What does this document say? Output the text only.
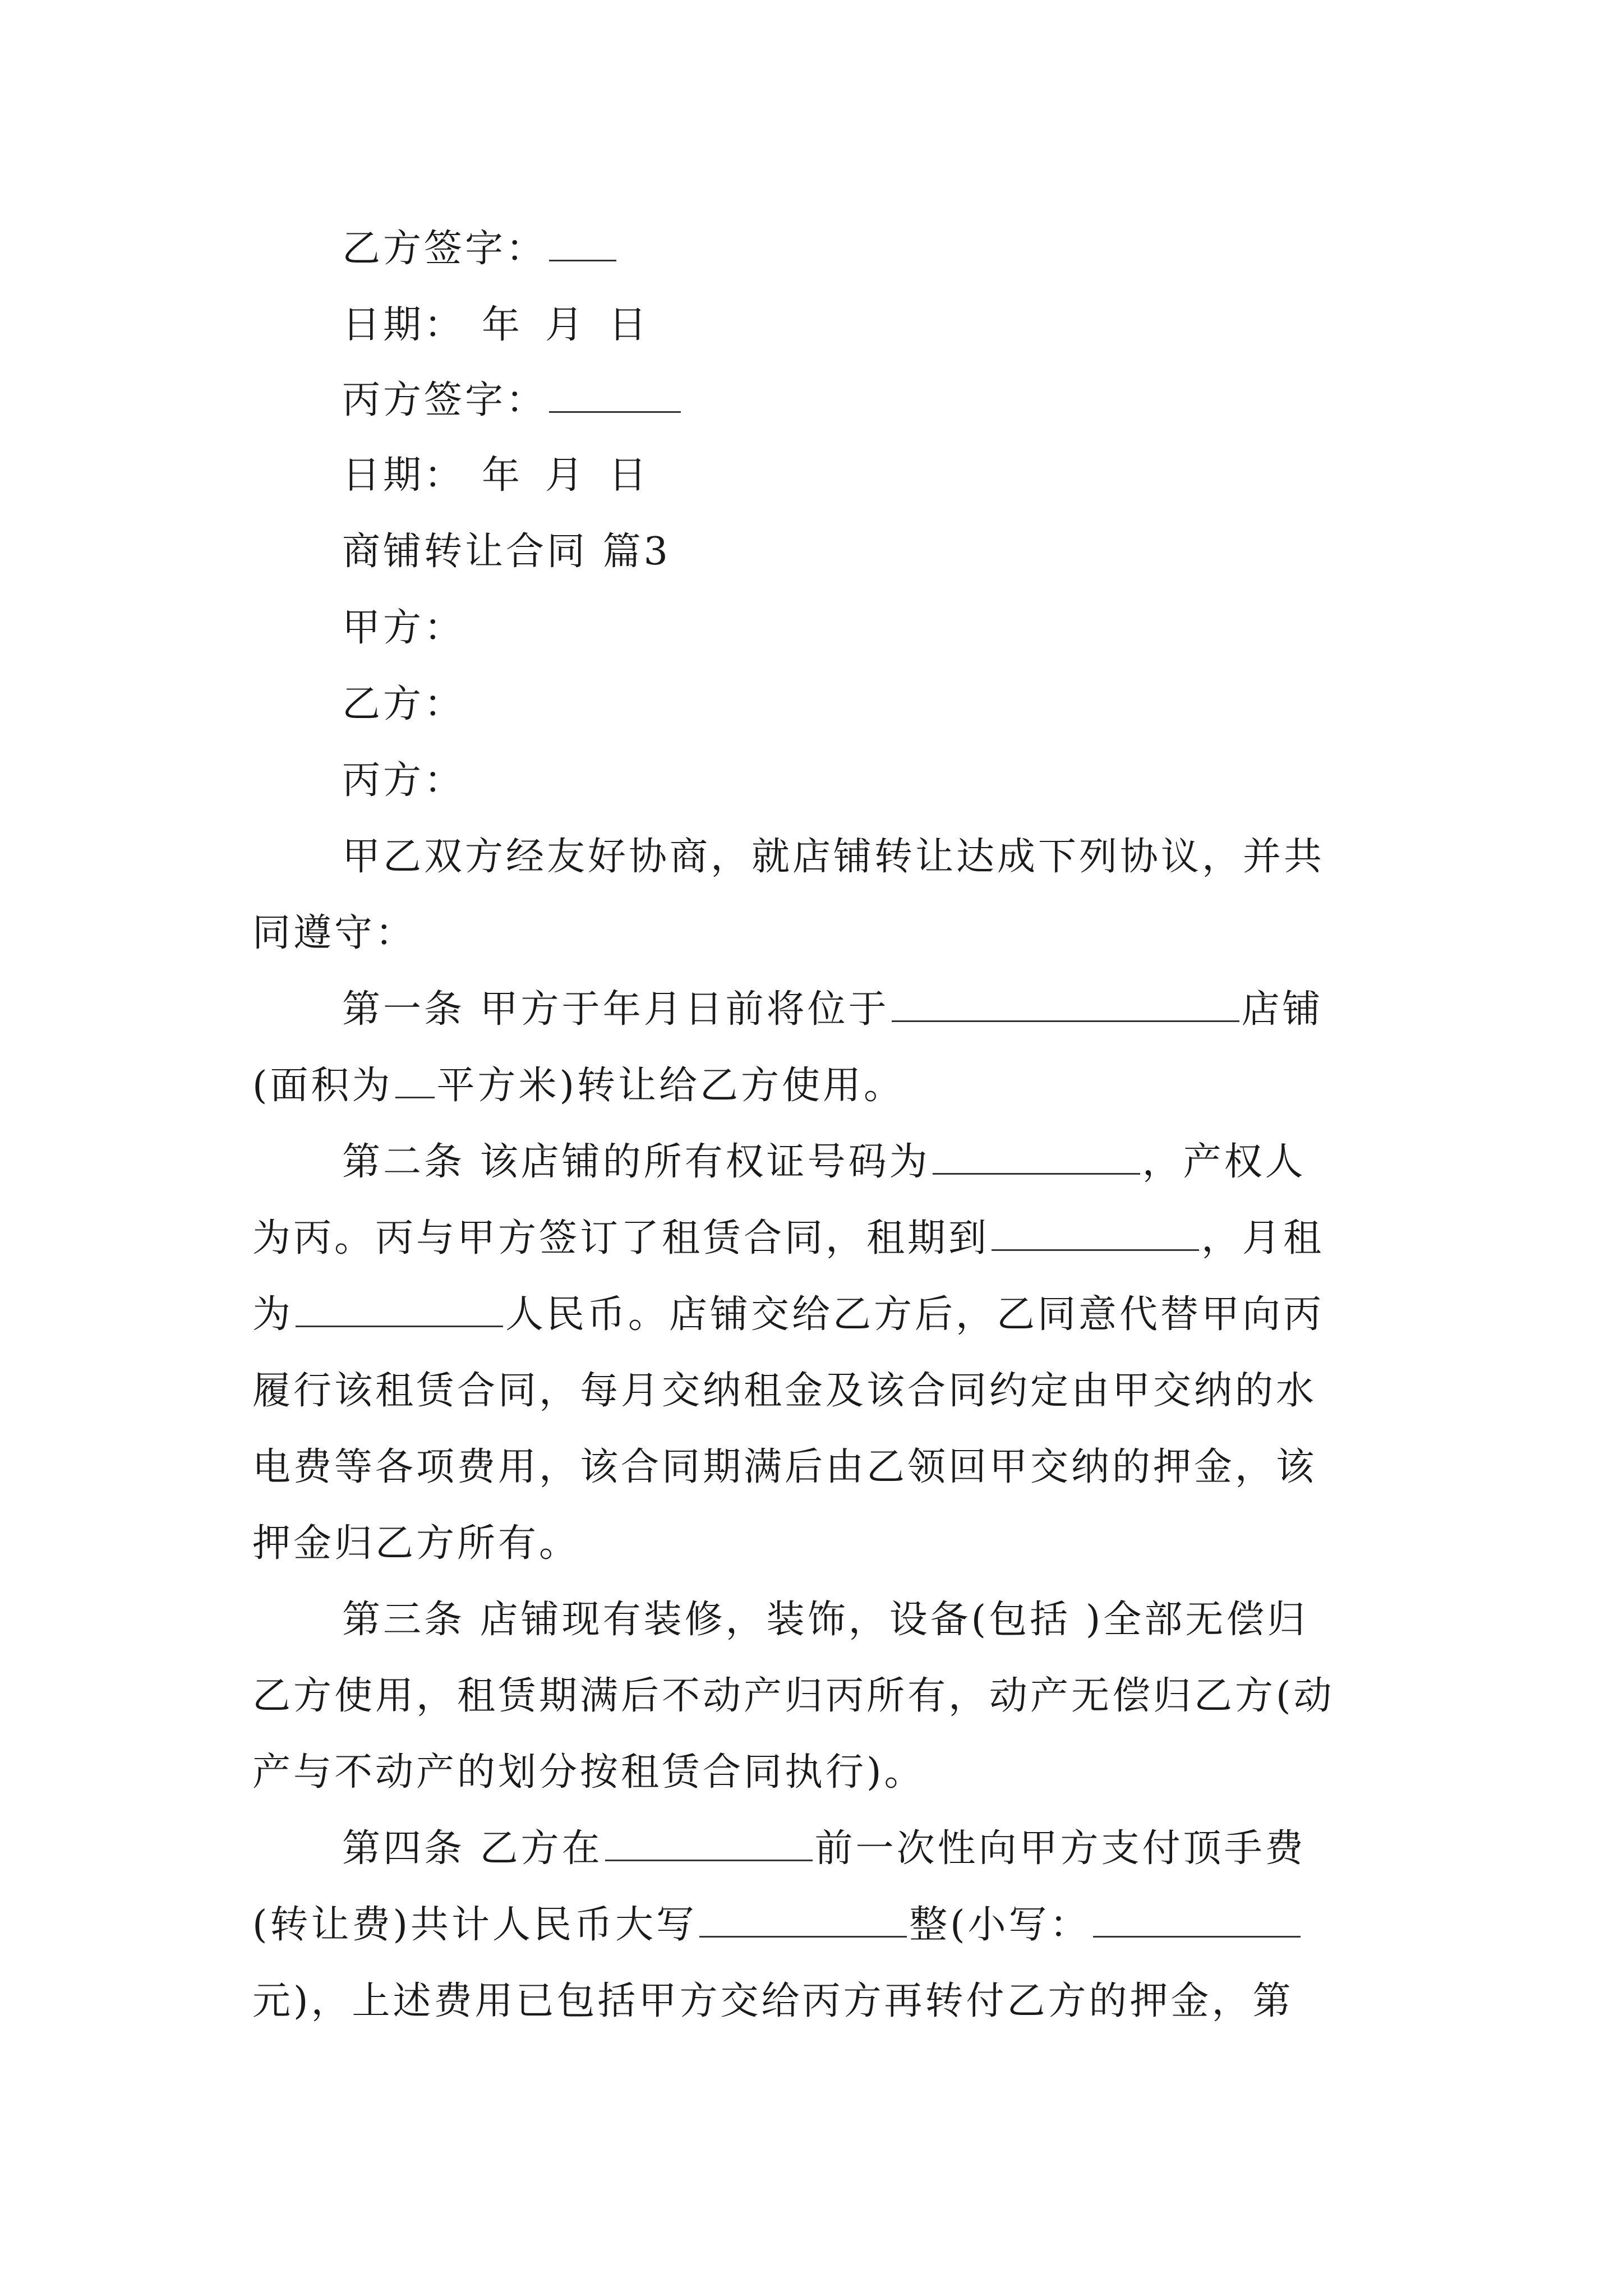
乙方签字：
日期： 年 月 日
丙方签字：
日期： 年 月 日
商铺转让合同 篇3
甲方：
乙方：
丙方：
甲乙双方经友好协商，就店铺转让达成下列协议，并共
同遵守：
第一条 甲方于年月日前将位于	店铺
(面积为 平方米)转让给乙方使用。
第二条 该店铺的所有权证号码为	，产权人
为丙。丙与甲方签订了租赁合同，租期到	，月租
为	人民币。店铺交给乙方后，乙同意代替甲向丙
履行该租赁合同，每月交纳租金及该合同约定由甲交纳的水
电费等各项费用，该合同期满后由乙领回甲交纳的押金，该
押金归乙方所有。
第三条 店铺现有装修，装饰，设备(包括 )全部无偿归
乙方使用，租赁期满后不动产归丙所有，动产无偿归乙方(动
产与不动产的划分按租赁合同执行)。
第四条 乙方在	前一次性向甲方支付顶手费
(转让费)共计人民币大写	整(小写：
元)，上述费用已包括甲方交给丙方再转付乙方的押金，第
